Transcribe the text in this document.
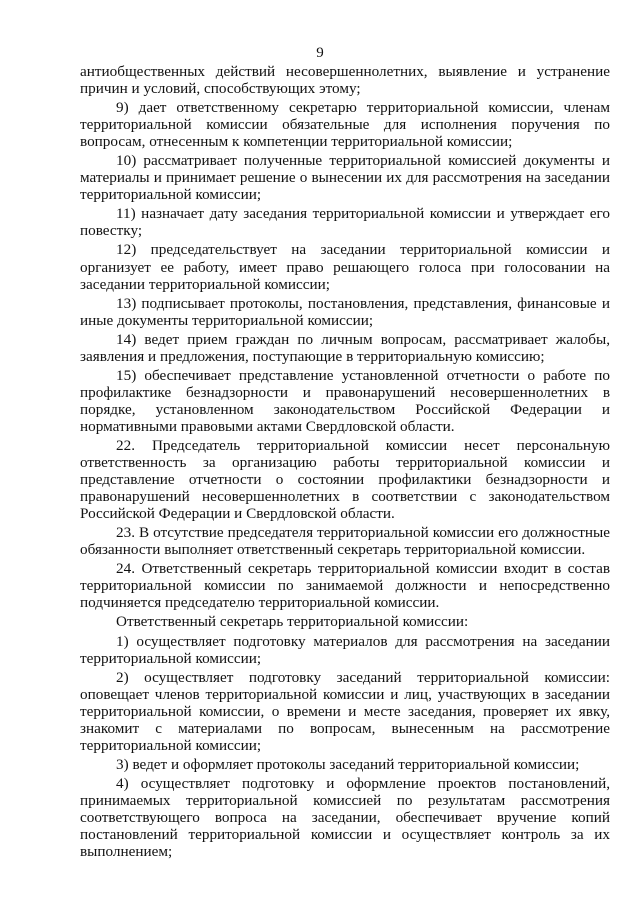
9

антиобщественных действий несовершеннолетних, выявление и устранение причин и условий, способствующих этому;

9) дает ответственному секретарю территориальной комиссии, членам территориальной комиссии обязательные для исполнения поручения по вопросам, отнесенным к компетенции территориальной комиссии;

10) рассматривает полученные территориальной комиссией документы и материалы и принимает решение о вынесении их для рассмотрения на заседании территориальной комиссии;

11) назначает дату заседания территориальной комиссии и утверждает его повестку;

12) председательствует на заседании территориальной комиссии и организует ее работу, имеет право решающего голоса при голосовании на заседании территориальной комиссии;

13) подписывает протоколы, постановления, представления, финансовые и иные документы территориальной комиссии;

14) ведет прием граждан по личным вопросам, рассматривает жалобы, заявления и предложения, поступающие в территориальную комиссию;

15) обеспечивает представление установленной отчетности о работе по профилактике безнадзорности и правонарушений несовершеннолетних в порядке, установленном законодательством Российской Федерации и нормативными правовыми актами Свердловской области.

22. Председатель территориальной комиссии несет персональную ответственность за организацию работы территориальной комиссии и представление отчетности о состоянии профилактики безнадзорности и правонарушений несовершеннолетних в соответствии с законодательством Российской Федерации и Свердловской области.

23. В отсутствие председателя территориальной комиссии его должностные обязанности выполняет ответственный секретарь территориальной комиссии.

24. Ответственный секретарь территориальной комиссии входит в состав территориальной комиссии по занимаемой должности и непосредственно подчиняется председателю территориальной комиссии.

Ответственный секретарь территориальной комиссии:

1) осуществляет подготовку материалов для рассмотрения на заседании территориальной комиссии;

2) осуществляет подготовку заседаний территориальной комиссии: оповещает членов территориальной комиссии и лиц, участвующих в заседании территориальной комиссии, о времени и месте заседания, проверяет их явку, знакомит с материалами по вопросам, вынесенным на рассмотрение территориальной комиссии;

3) ведет и оформляет протоколы заседаний территориальной комиссии;

4) осуществляет подготовку и оформление проектов постановлений, принимаемых территориальной комиссией по результатам рассмотрения соответствующего вопроса на заседании, обеспечивает вручение копий постановлений территориальной комиссии и осуществляет контроль за их выполнением;
